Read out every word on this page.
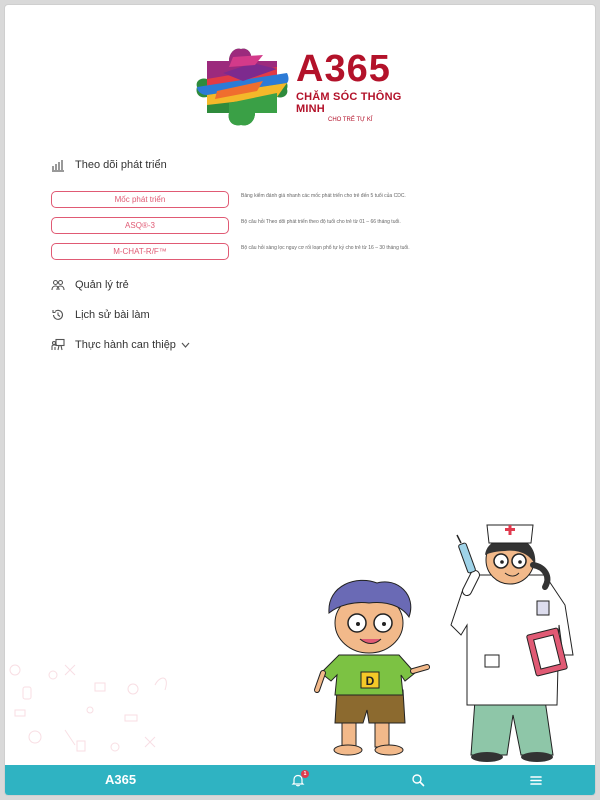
A365
CHĂM SÓC THÔNG MINH
CHO TRẺ TỰ KỈ
Theo dõi phát triển
Mốc phát triển	Bảng kiểm đánh giá nhanh các mốc phát triển cho trẻ đến 5 tuổi của CDC.
ASQ®-3	Bộ câu hỏi Theo dõi phát triển theo độ tuổi cho trẻ từ 01 – 66 tháng tuổi.
M-CHAT-R/F™	Bộ câu hỏi sàng lọc nguy cơ rối loạn phổ tự kỷ cho trẻ từ 16 – 30 tháng tuổi.
Quản lý trẻ
Lịch sử bài làm
Thực hành can thiệp
D
A365	1
